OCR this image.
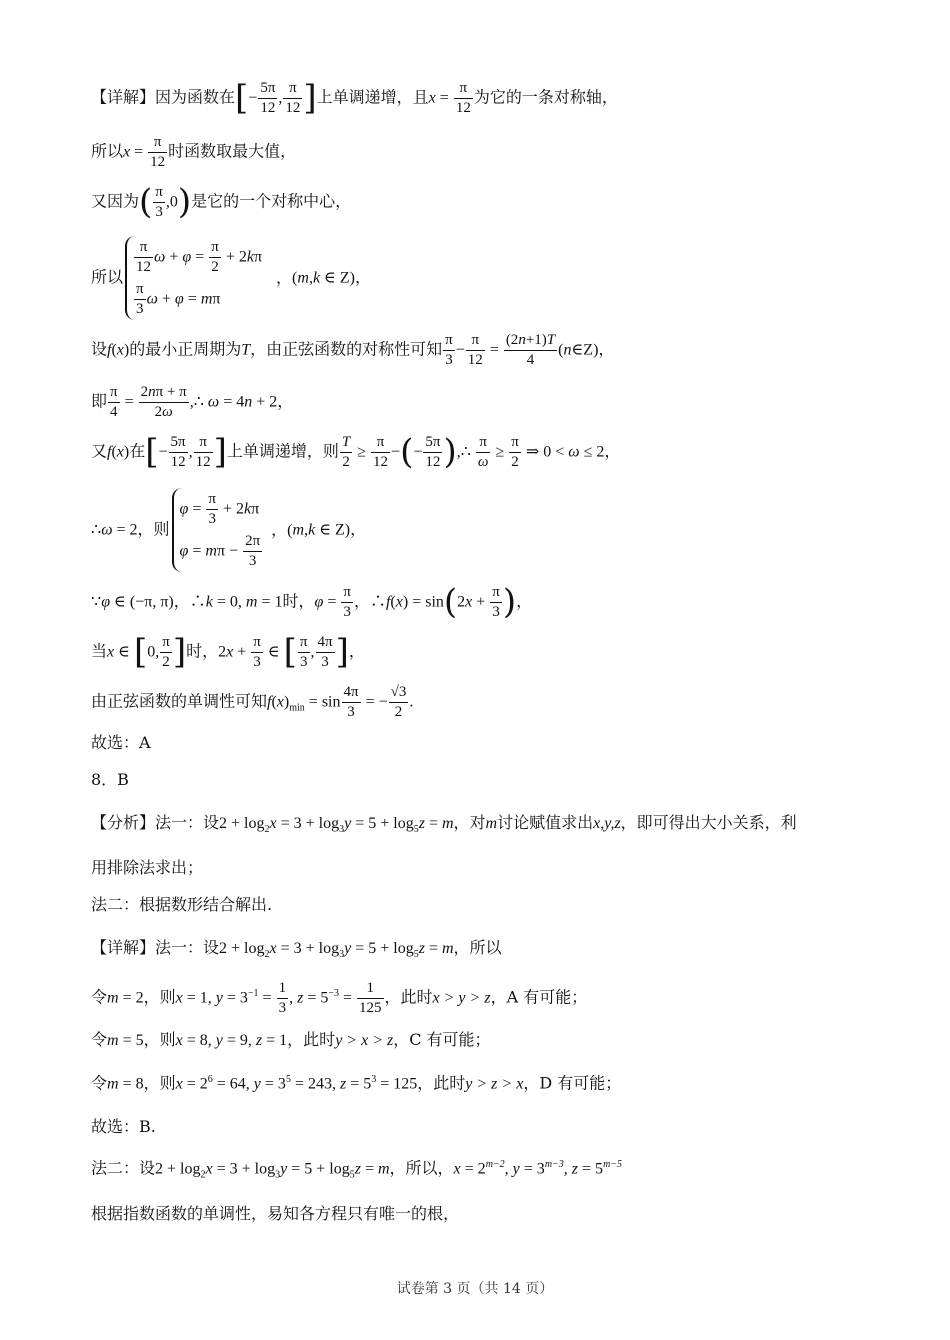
【详解】因为函数在[− $\frac{5\pi}{12}$ , $\frac{\pi}{12}$ ]上单调递增，且$x = \frac{\pi}{12}$ 为它的一条对称轴，
所以$x = \frac{\pi}{12}$ 时函数取最大值，
又因为( $\frac{\pi}{3} ,0$)是它的一个对称中心，
所以
$\frac{\pi}{12}$ $\omega + \varphi = \frac{\pi}{2} + 2k\pi$
$\frac{\pi}{3}$ ω + φ = mπ
，(m,k ∈ Z)，
设f(x)的最小正周期为T，由正弦函数的对称性可知 $\frac{\pi}{3} - \frac{\pi}{12} = \frac{(2n+1)T}{4}$ (n∈Z)，
即 $\frac{\pi}{4} = \frac{2n\pi + \pi}{2\omega}$ ,∴ ω = 4n + 2，
又f(x)在[− $\frac{5\pi}{12}$ , $\frac{\pi}{12}$ ]上单调递增，则 $\frac{T}{2} \ge \frac{\pi}{12}$ −(− $\frac{5\pi}{12}$ ),∴ $\frac{\pi}{\omega} \ge \frac{\pi}{2}$ ⇒ 0 < ω ≤ 2，
∴ω = 2，则
$\varphi = \frac{\pi}{3} + 2k\pi$
$\varphi = m\pi - \frac{2\pi}{3}$
，(m,k ∈ Z)，
∵φ ∈ (−π, π)，∴k = 0, m = 1时，$\varphi = \frac{\pi}{3}$ ，∴f(x) = $\sin(2x + \frac{\pi}{3}$ )，
当x ∈ [0, $\frac{\pi}{2}$ ]时，$2x + \frac{\pi}{3}$ ∈ [ $\frac{\pi}{3}$ , $\frac{4\pi}{3}$ ]，
由正弦函数的单调性可知$f(x)_{min} = \sin \frac{4\pi}{3}$ = − $\frac{√3}{2}$ .
故选：A
8．B
【分析】法一：设$2 + \log_2x = 3 + \log_3y = 5 + \log_5z = m$，对m讨论赋值求出x,y,z，即可得出大小关系，利
用排除法求出；
法二：根据数形结合解出.
【详解】法一：设$2 + \log_2x = 3 + \log_3y = 5 + \log_5z = m$，所以
令m = 2，则x = 1, $y = 3^{-1} = \frac{1}{3}$ , $z = 5^{-3} = \frac{1}{125}$ ，此时x > y > z，A 有可能；
令m = 5，则x = 8, y = 9, z = 1，此时y > x > z，C 有可能；
令m = 8，则$x = 2^6 = 64$, $y = 3^5 = 243$, $z = 5^3 = 125$，此时y > z > x，D 有可能；
故选：B.
法二：设$2 + \log_2x = 3 + \log_3y = 5 + \log_5z = m$，所以，$x = 2^{m-2}$, $y = 3^{m-3}$, $z = 5^{m-5}$
根据指数函数的单调性，易知各方程只有唯一的根，
试卷第 3 页（共 14 页）
